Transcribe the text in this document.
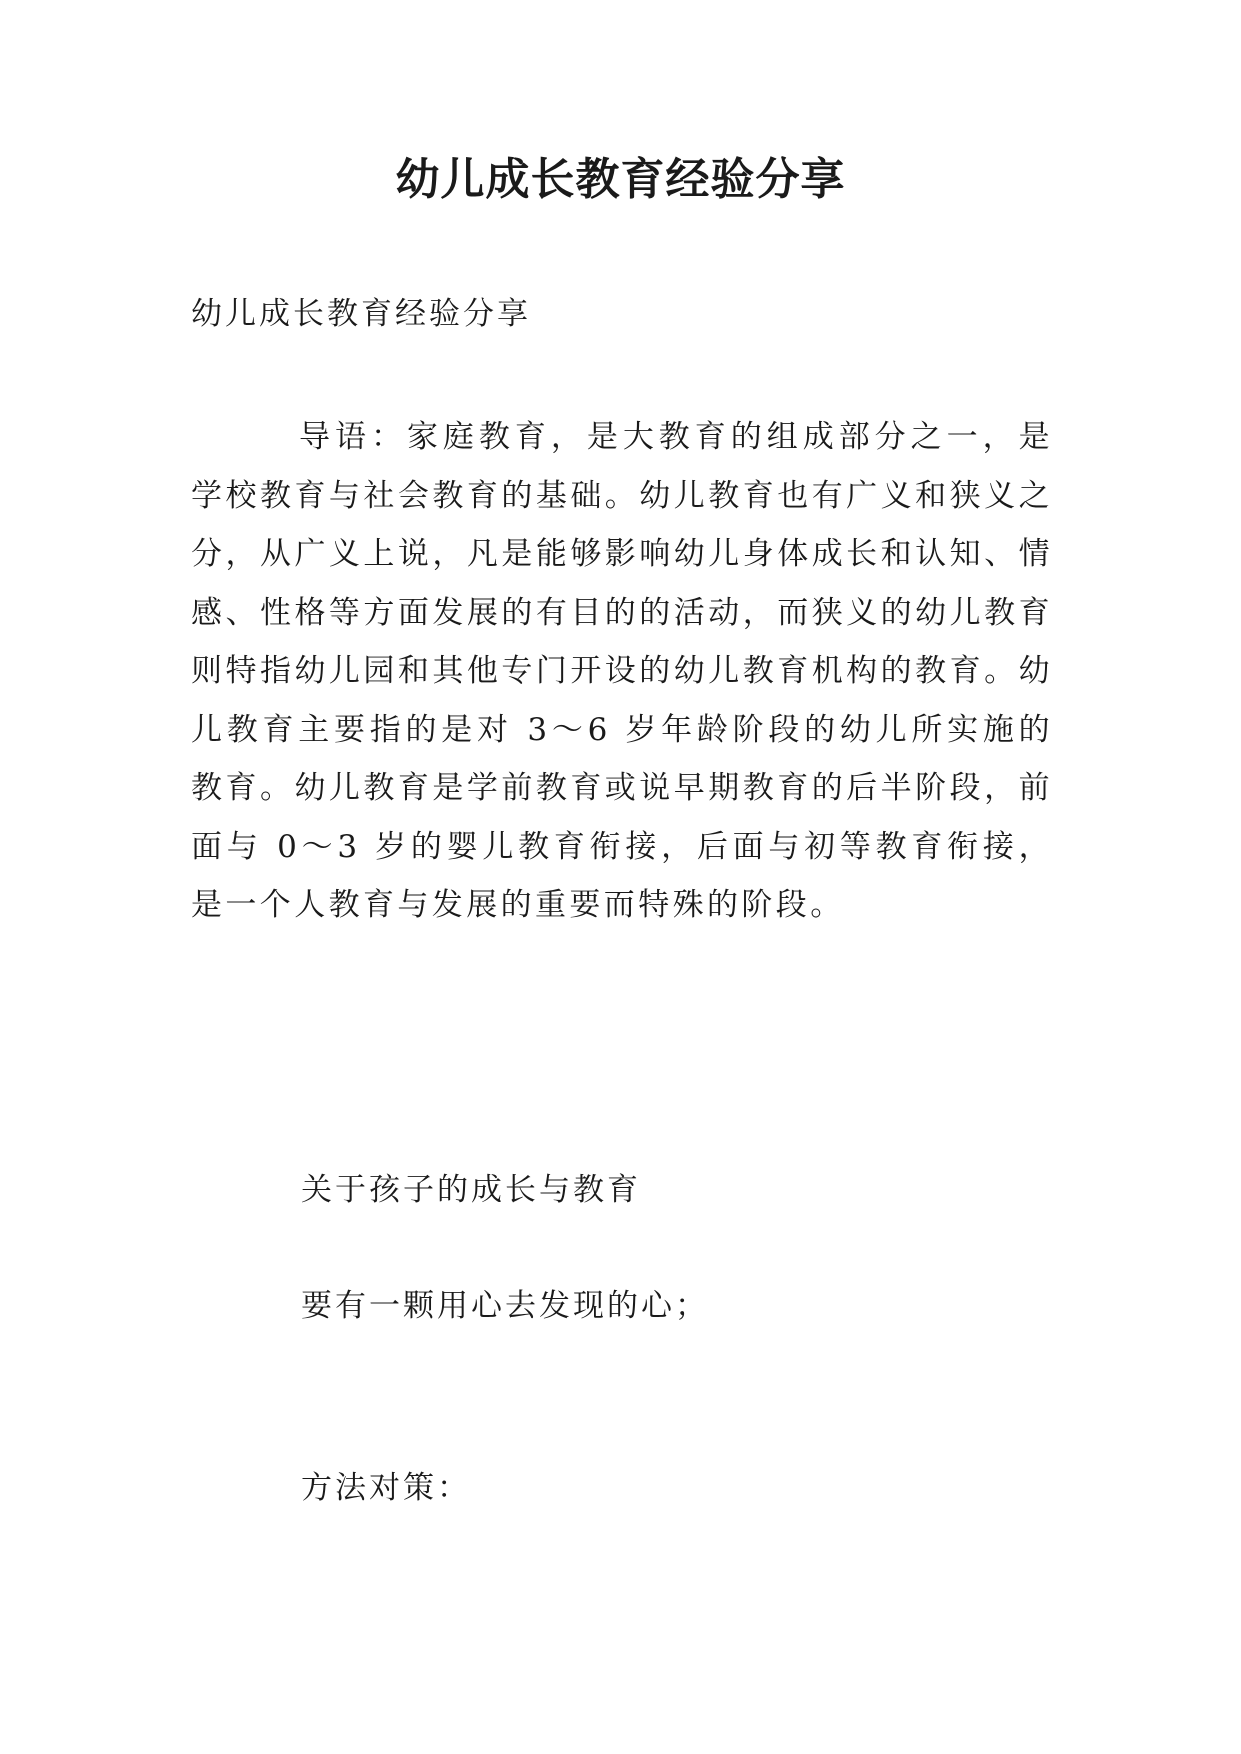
幼儿成长教育经验分享
幼儿成长教育经验分享

导语：家庭教育，是大教育的组成部分之一，是学校教育与社会教育的基础。幼儿教育也有广义和狭义之分，从广义上说，凡是能够影响幼儿身体成长和认知、情感、性格等方面发展的有目的的活动，而狭义的幼儿教育则特指幼儿园和其他专门开设的幼儿教育机构的教育。幼儿教育主要指的是对 3～6 岁年龄阶段的幼儿所实施的教育。幼儿教育是学前教育或说早期教育的后半阶段，前面与 0～3 岁的婴儿教育衔接，后面与初等教育衔接，是一个人教育与发展的重要而特殊的阶段。

关于孩子的成长与教育
要有一颗用心去发现的心；
方法对策：
